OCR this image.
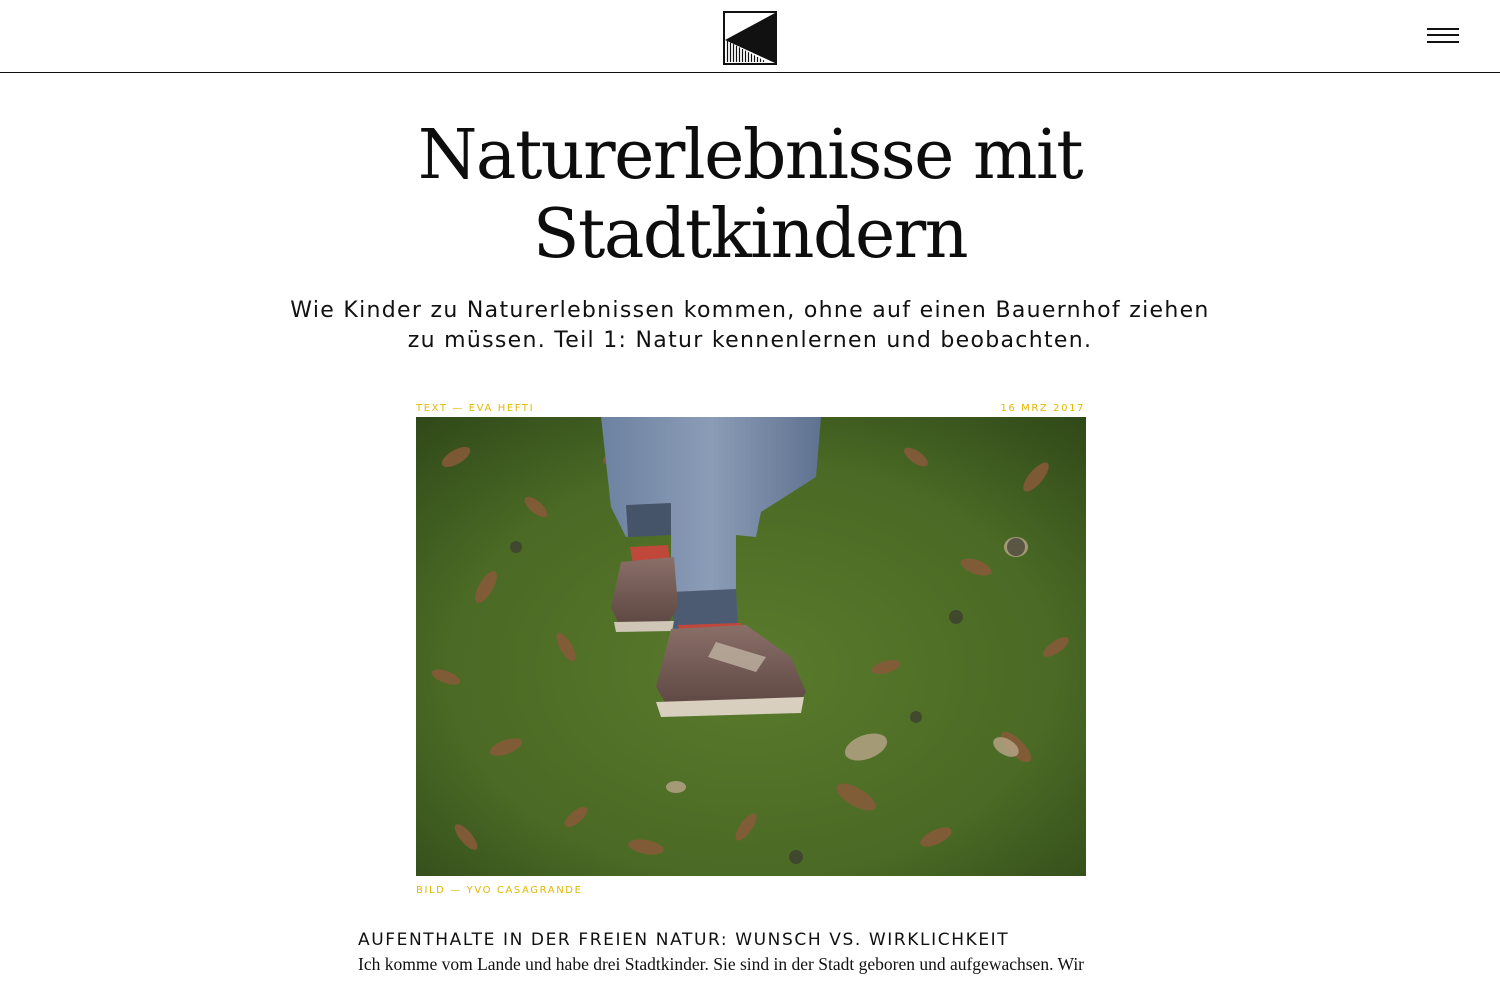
Naturerlebnisse mit
Stadtkindern

Wie Kinder zu Naturerlebnissen kommen, ohne auf einen Bauernhof ziehen
zu müssen. Teil 1: Natur kennenlernen und beobachten.

TEXT — EVA HEFTI	16 MRZ 2017
BILD — YVO CASAGRANDE
AUFENTHALTE IN DER FREIEN NATUR: WUNSCH VS. WIRKLICHKEIT

Ich komme vom Lande und habe drei Stadtkinder. Sie sind in der Stadt geboren und aufgewachsen. Wir
